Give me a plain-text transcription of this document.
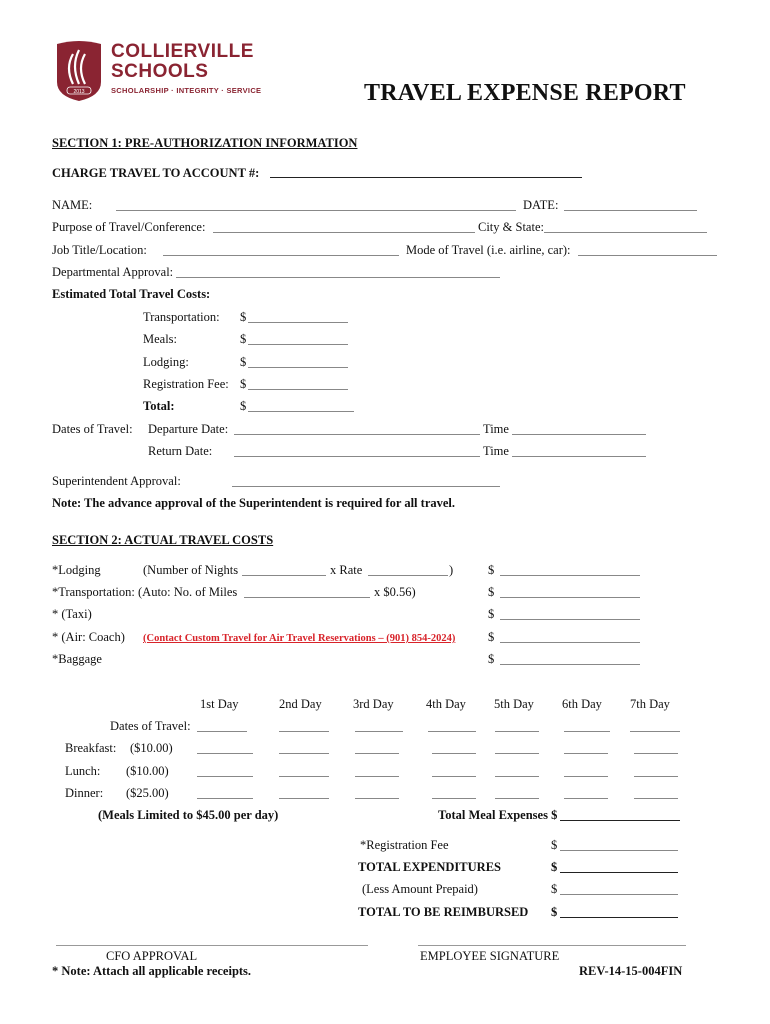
2013
COLLIERVILLE
SCHOOLS
SCHOLARSHIP · INTEGRITY · SERVICE	TRAVEL EXPENSE REPORT
SECTION 1: PRE-AUTHORIZATION INFORMATION
CHARGE TRAVEL TO ACCOUNT #:
NAME:	DATE:
Purpose of Travel/Conference:	City & State:
Job Title/Location:	Mode of Travel (i.e. airline, car):
Departmental Approval:
Estimated Total Travel Costs:
Transportation: $
Meals:	$
Lodging:	$
Registration Fee: $
Total:	$
Dates of Travel: Departure Date:	Time
Return Date:	Time
Superintendent Approval:
Note: The advance approval of the Superintendent is required for all travel.
SECTION 2: ACTUAL TRAVEL COSTS
*Lodging	(Number of Nights	x Rate	)	$
*Transportation: (Auto: No. of Miles	x $0.56)	$
* (Taxi)	$
* (Air: Coach) (Contact Custom Travel for Air Travel Reservations – (901) 854-2024)	$
*Baggage	$
1st Day	2nd Day	3rd Day	4th Day 5th Day 6th Day 7th Day
Dates of Travel:
Breakfast: ($10.00)
Lunch: ($10.00)
Dinner: ($25.00)
(Meals Limited to $45.00 per day)	Total Meal Expenses $
*Registration Fee	$
TOTAL EXPENDITURES	$
(Less Amount Prepaid)	$
TOTAL TO BE REIMBURSED $
CFO APPROVAL	EMPLOYEE SIGNATURE
* Note: Attach all applicable receipts.	REV-14-15-004FIN
